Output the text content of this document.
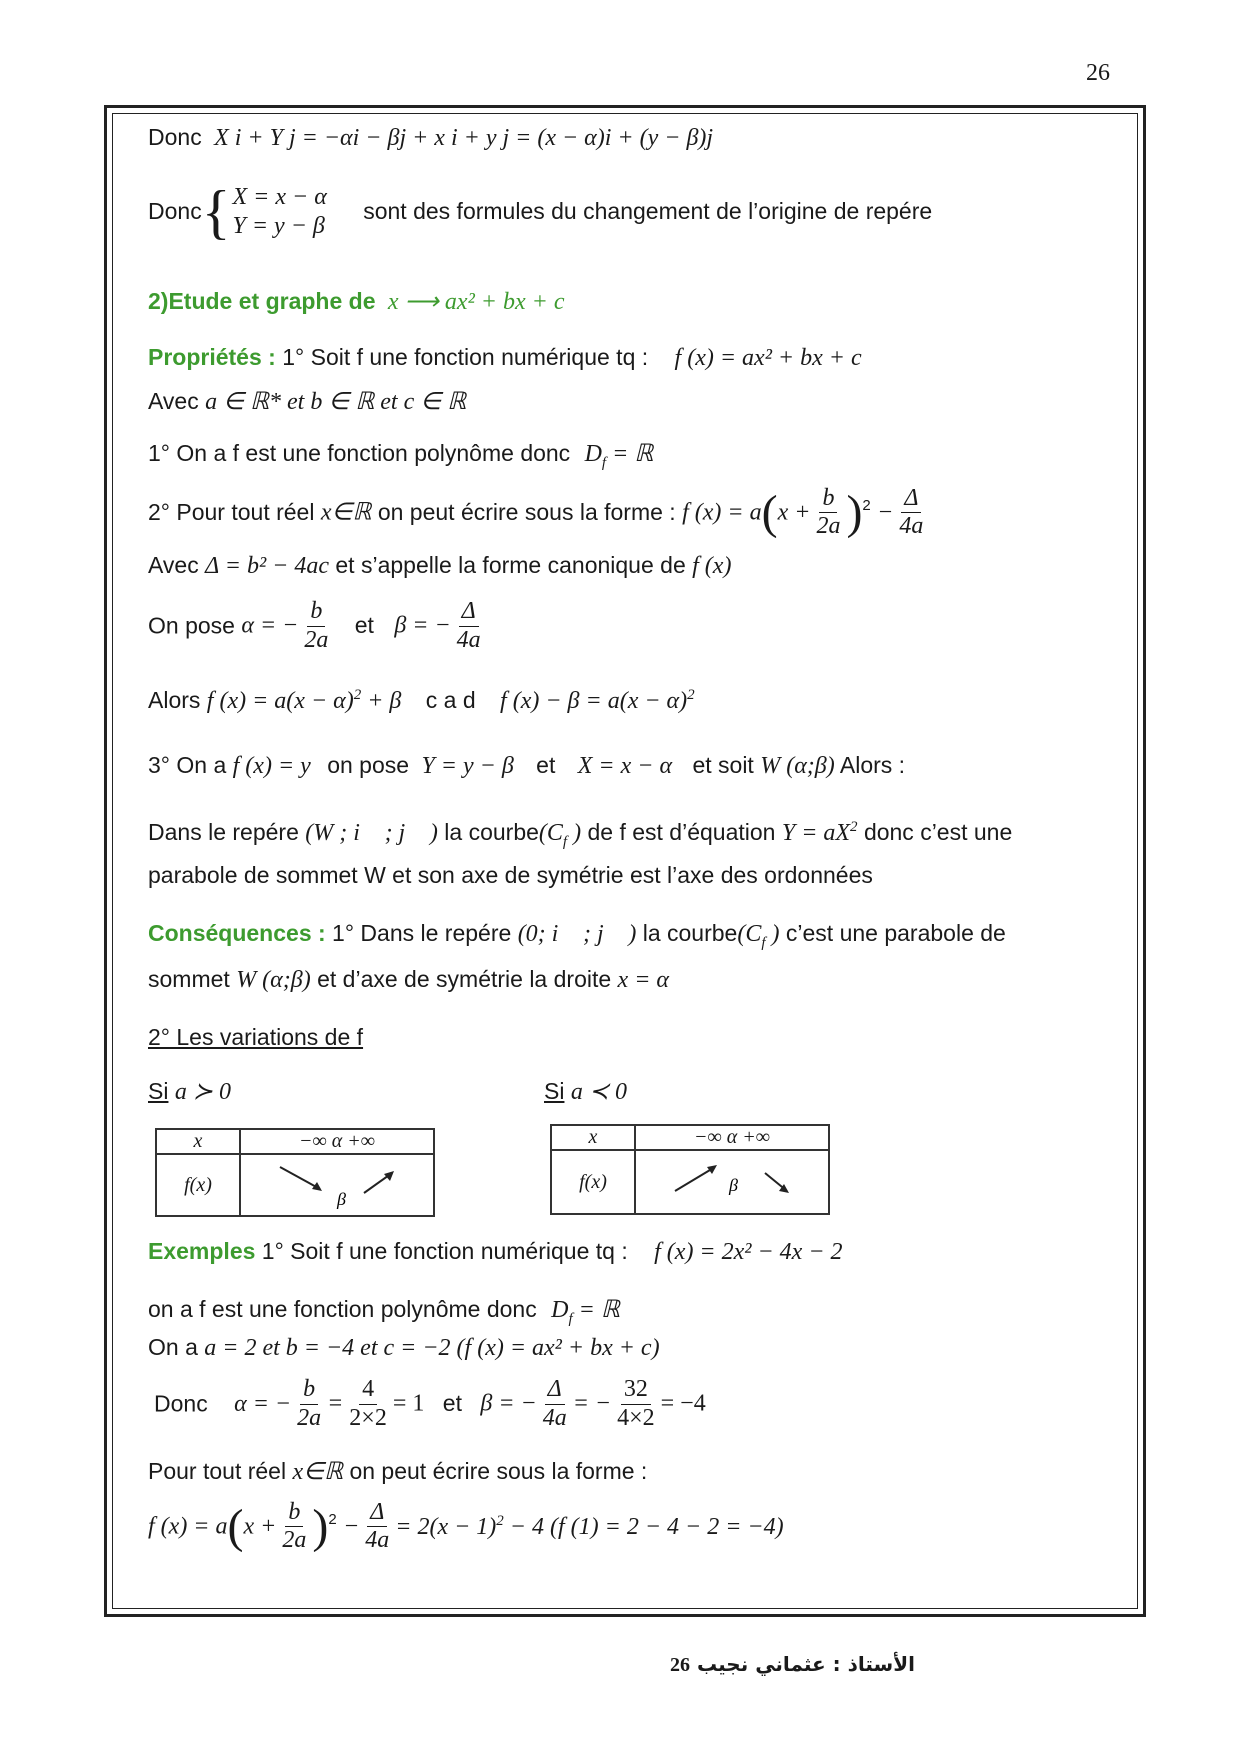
26
Donc X i + Y j = −αi − βj + x i + y j = (x − α)i + (y − β)j
Donc{ X = x − α
Y = y − β
sont des formules du changement de l’origine de repére
2)Etude et graphe de x ⟶ ax² + bx + c
Propriétés : 1° Soit f une fonction numérique tq : f (x) = ax² + bx + c
Avec a ∈ ℝ* et b ∈ ℝ et c ∈ ℝ
1° On a f est une fonction polynôme donc $D_f$ = ℝ
2° Pour tout réel x∈ℝ on peut écrire sous la forme : f $(x) = a(x + \frac{b}{2a} )^2 - \frac{\Delta}{4a}$
Avec Δ = b² − 4ac et s’appelle la forme canonique de f (x)
On pose α = − $\frac{b}{2a}$ et β = − $\frac{\Delta}{4a}$
Alors f $(x) = a(x - \alpha)^2 + \beta$ c a d f $(x) - \beta = a(x - \alpha)^2$
3° On a f (x) = y on pose Y = y − β et X = x − α et soit W (α;β) Alors :
Dans le repére (W ; i⃗ ; j⃗ ) la $courbe(C_f$ ) de f est d’équation $Y = aX^2$ donc c’est une
parabole de sommet W et son axe de symétrie est l’axe des ordonnées
Conséquences : 1° Dans le repére (0; i⃗ ; j⃗ ) la $courbe(C_f$ ) c’est une parabole de
sommet W (α;β) et d’axe de symétrie la droite x = α
2° Les variations de f
Si a ≻ 0	Si a ≺ 0
x	−∞ α +∞
f(x)	β
x	−∞ α +∞
f(x)	β
Exemples 1° Soit f une fonction numérique tq : f (x) = 2x² − 4x − 2
on a f est une fonction polynôme donc $D_f$ = ℝ
On a a = 2 et b = −4 et c = −2 (f (x) = ax² + bx + c)
Donc α = − $\frac{b}{2a} = \frac{4}{2\times 2} = 1$ et β = − $\frac{\Delta}{4a}$ = − $\frac{32}{4\times 2} = -4$
Pour tout réel x∈ℝ on peut écrire sous la forme :
f $(x) = a(x + \frac{b}{2a} )^2 - \frac{\Delta}{4a} = 2(x - 1)^2 - 4$ (f (1) = 2 − 4 − 2 = −4)
الأستاذ : عثماني نجيب 26
